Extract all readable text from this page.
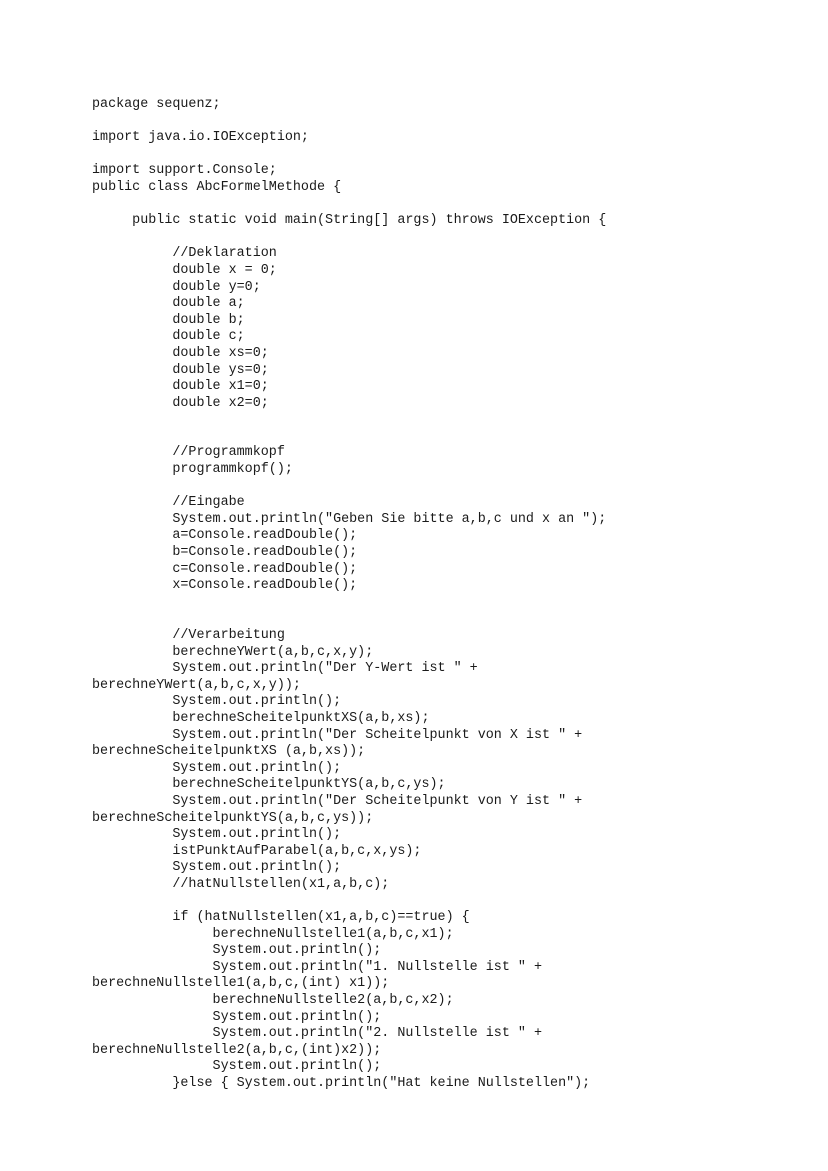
package sequenz;
import java.io.IOException;
import support.Console;
public class AbcFormelMethode {
public static void main(String[] args) throws IOException {
//Deklaration
double x = 0;
double y=0;
double a;
double b;
double c;
double xs=0;
double ys=0;
double x1=0;
double x2=0;
//Programmkopf
programmkopf();
//Eingabe
System.out.println("Geben Sie bitte a,b,c und x an ");
a=Console.readDouble();
b=Console.readDouble();
c=Console.readDouble();
x=Console.readDouble();
//Verarbeitung
berechneYWert(a,b,c,x,y);
System.out.println("Der Y-Wert ist " +
berechneYWert(a,b,c,x,y));
System.out.println();
berechneScheitelpunktXS(a,b,xs);
System.out.println("Der Scheitelpunkt von X ist " +
berechneScheitelpunktXS (a,b,xs));
System.out.println();
berechneScheitelpunktYS(a,b,c,ys);
System.out.println("Der Scheitelpunkt von Y ist " +
berechneScheitelpunktYS(a,b,c,ys));
System.out.println();
istPunktAufParabel(a,b,c,x,ys);
System.out.println();
//hatNullstellen(x1,a,b,c);
if (hatNullstellen(x1,a,b,c)==true) {
berechneNullstelle1(a,b,c,x1);
System.out.println();
System.out.println("1. Nullstelle ist " +
berechneNullstelle1(a,b,c,(int) x1));
berechneNullstelle2(a,b,c,x2);
System.out.println();
System.out.println("2. Nullstelle ist " +
berechneNullstelle2(a,b,c,(int)x2));
System.out.println();
}else { System.out.println("Hat keine Nullstellen");
